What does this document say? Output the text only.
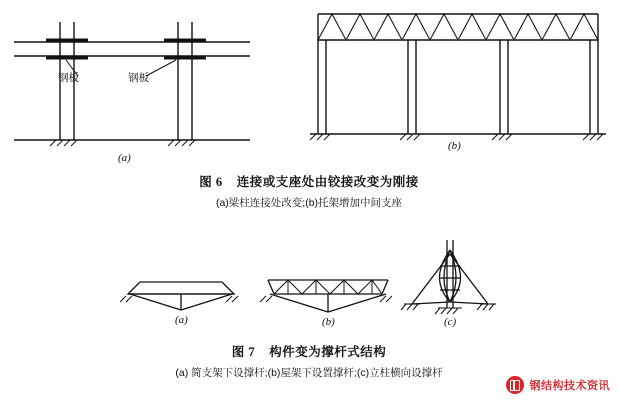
钢板	钢板
(a)
(b)
图 6 连接或支座处由铰接改变为刚接
(a)梁柱连接处改变;(b)托架增加中间支座
(a)	(b)	(c)
图 7 构件变为撑杆式结构
(a) 简支架下设撑杆;(b)屋架下设置撑杆;(c)立柱横向设撑杆
钢结构技术资讯
